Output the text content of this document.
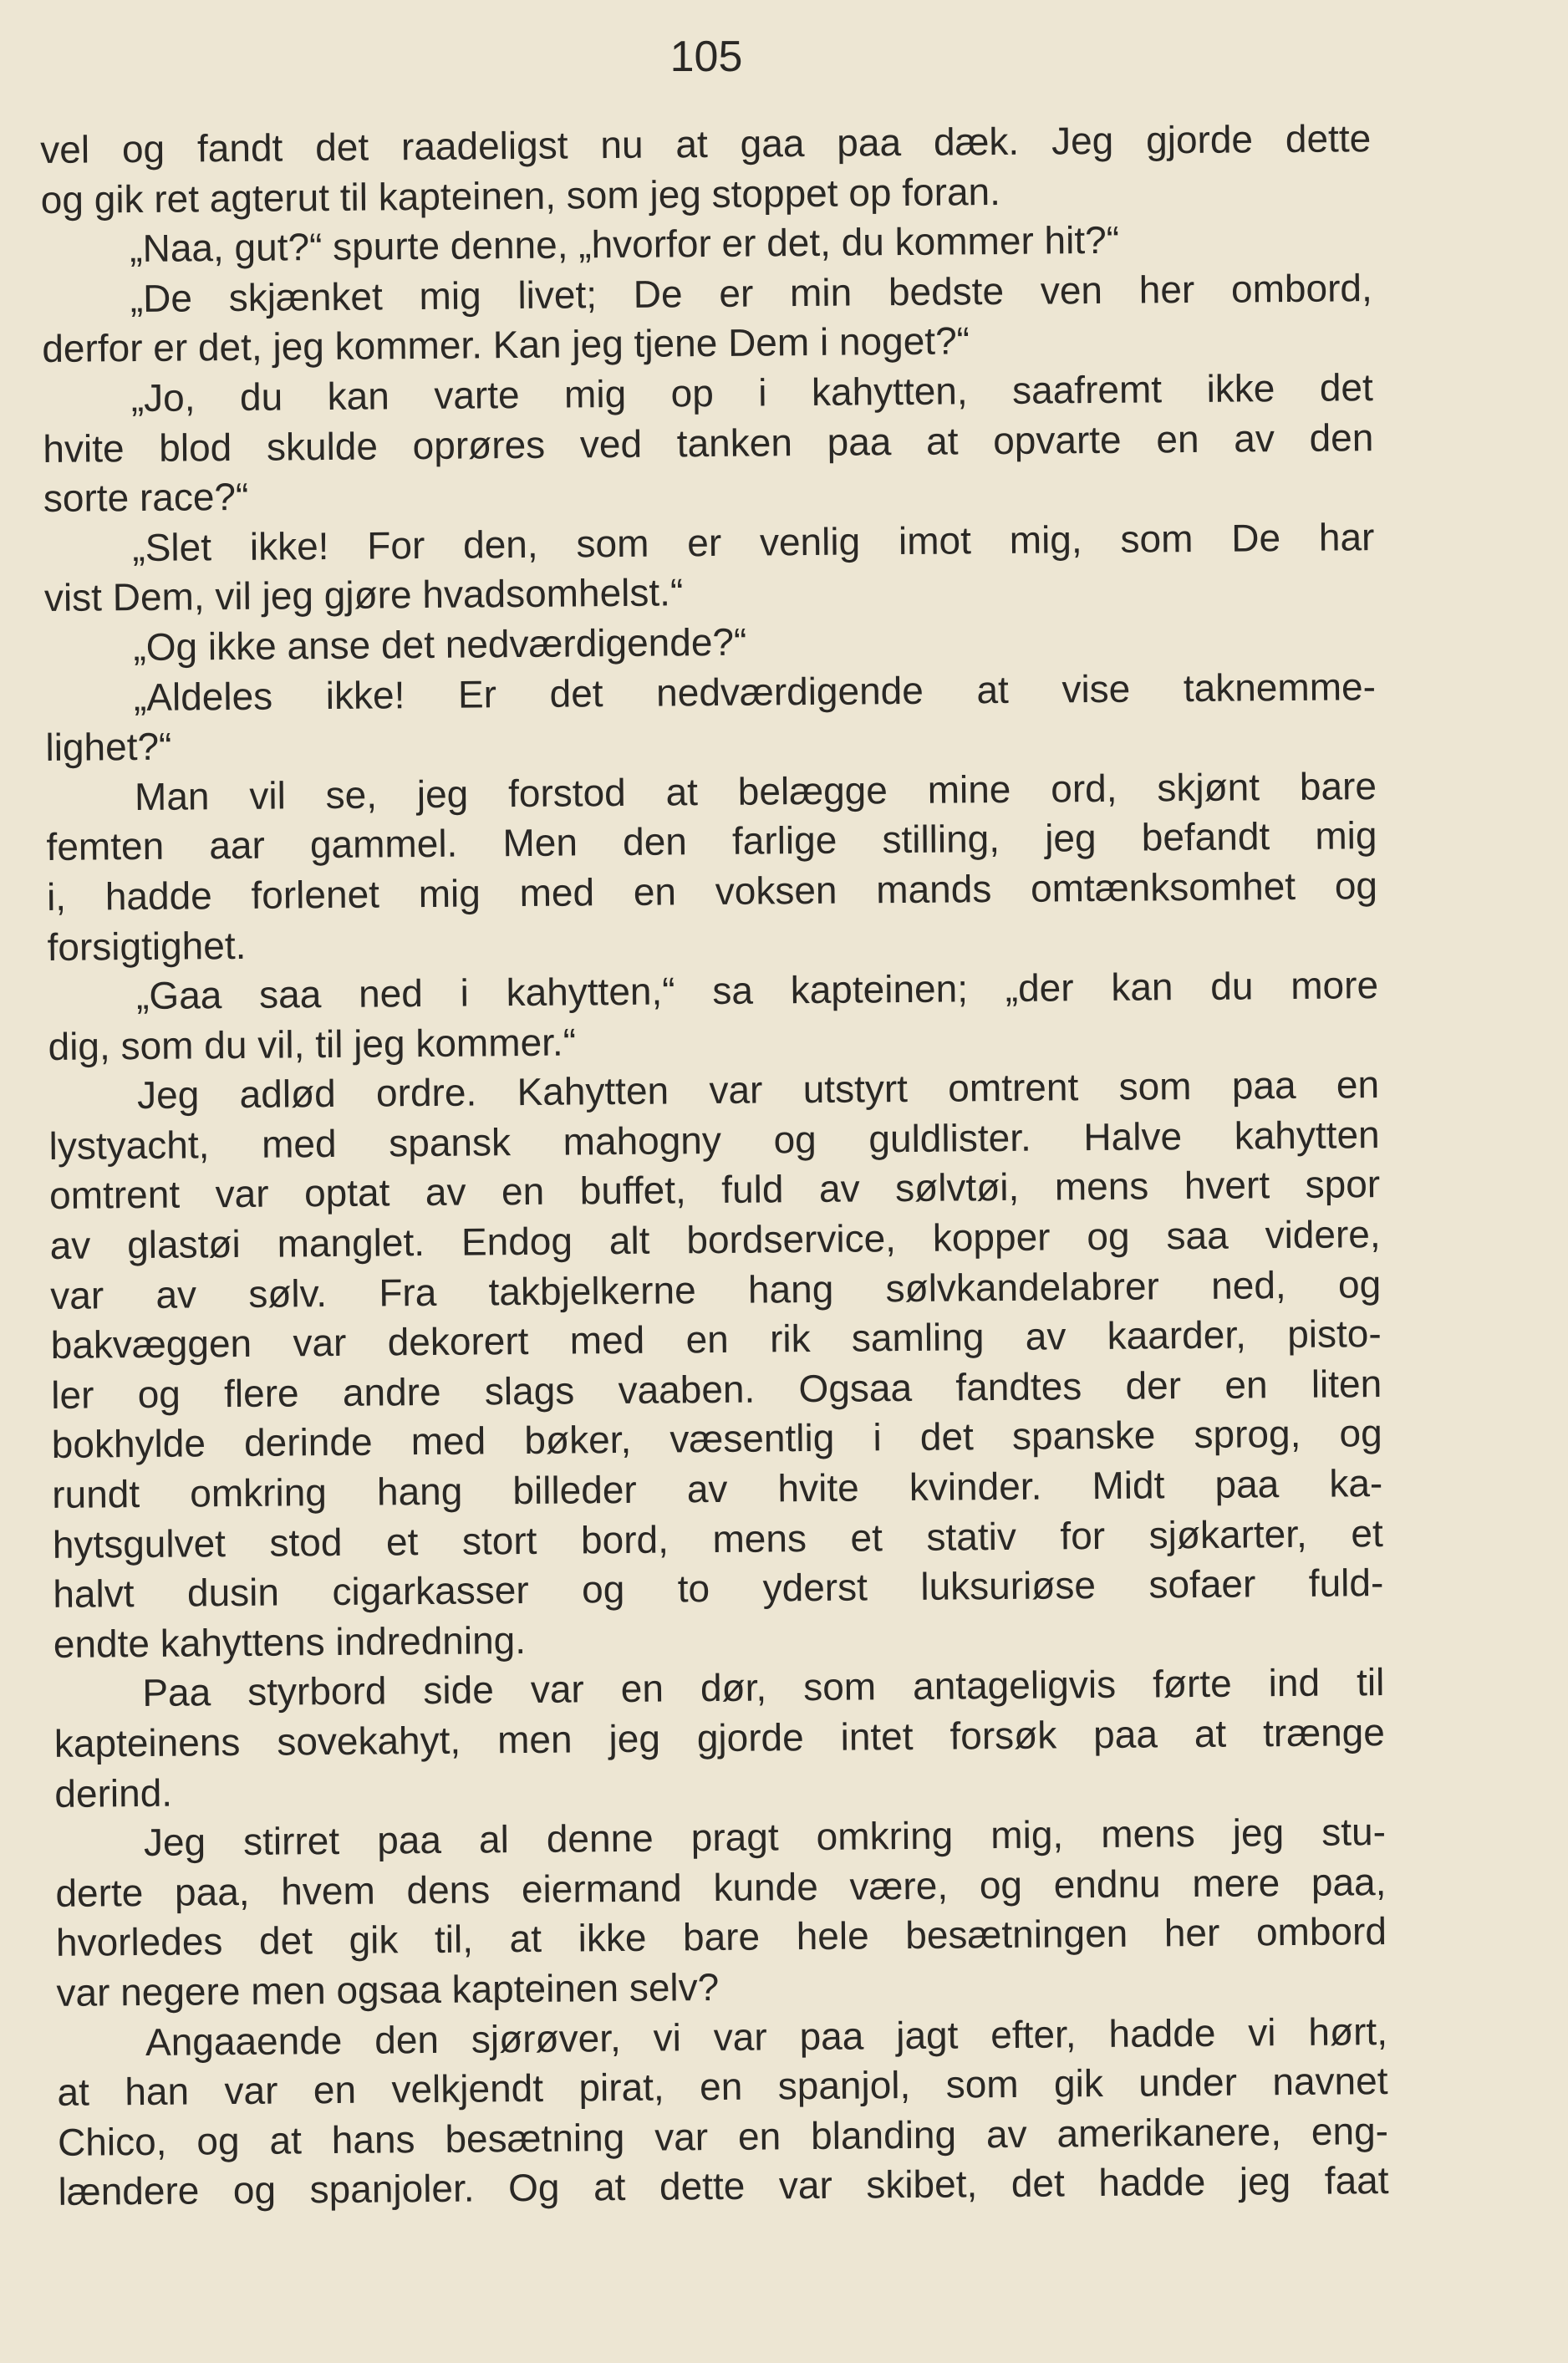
105
vel og fandt det raadeligst nu at gaa paa dæk. Jeg gjorde dette
og gik ret agterut til kapteinen, som jeg stoppet op foran.
„Naa, gut?“ spurte denne, „hvorfor er det, du kommer hit?“
„De skjænket mig livet; De er min bedste ven her ombord,
derfor er det, jeg kommer. Kan jeg tjene Dem i noget?“
„Jo, du kan varte mig op i kahytten, saafremt ikke det
hvite blod skulde oprøres ved tanken paa at opvarte en av den
sorte race?“
„Slet ikke! For den, som er venlig imot mig, som De har
vist Dem, vil jeg gjøre hvadsomhelst.“
„Og ikke anse det nedværdigende?“
„Aldeles ikke! Er det nedværdigende at vise taknemme-
lighet?“
Man vil se, jeg forstod at belægge mine ord, skjønt bare
femten aar gammel. Men den farlige stilling, jeg befandt mig
i, hadde forlenet mig med en voksen mands omtænksomhet og
forsigtighet.
„Gaa saa ned i kahytten,“ sa kapteinen; „der kan du more
dig, som du vil, til jeg kommer.“
Jeg adlød ordre. Kahytten var utstyrt omtrent som paa en
lystyacht, med spansk mahogny og guldlister. Halve kahytten
omtrent var optat av en buffet, fuld av sølvtøi, mens hvert spor
av glastøi manglet. Endog alt bordservice, kopper og saa videre,
var av sølv. Fra takbjelkerne hang sølvkandelabrer ned, og
bakvæggen var dekorert med en rik samling av kaarder, pisto-
ler og flere andre slags vaaben. Ogsaa fandtes der en liten
bokhylde derinde med bøker, væsentlig i det spanske sprog, og
rundt omkring hang billeder av hvite kvinder. Midt paa ka-
hytsgulvet stod et stort bord, mens et stativ for sjøkarter, et
halvt dusin cigarkasser og to yderst luksuriøse sofaer fuld-
endte kahyttens indredning.
Paa styrbord side var en dør, som antageligvis førte ind til
kapteinens sovekahyt, men jeg gjorde intet forsøk paa at trænge
derind.
Jeg stirret paa al denne pragt omkring mig, mens jeg stu-
derte paa, hvem dens eiermand kunde være, og endnu mere paa,
hvorledes det gik til, at ikke bare hele besætningen her ombord
var negere men ogsaa kapteinen selv?
Angaaende den sjørøver, vi var paa jagt efter, hadde vi hørt,
at han var en velkjendt pirat, en spanjol, som gik under navnet
Chico, og at hans besætning var en blanding av amerikanere, eng-
lændere og spanjoler. Og at dette var skibet, det hadde jeg faat
